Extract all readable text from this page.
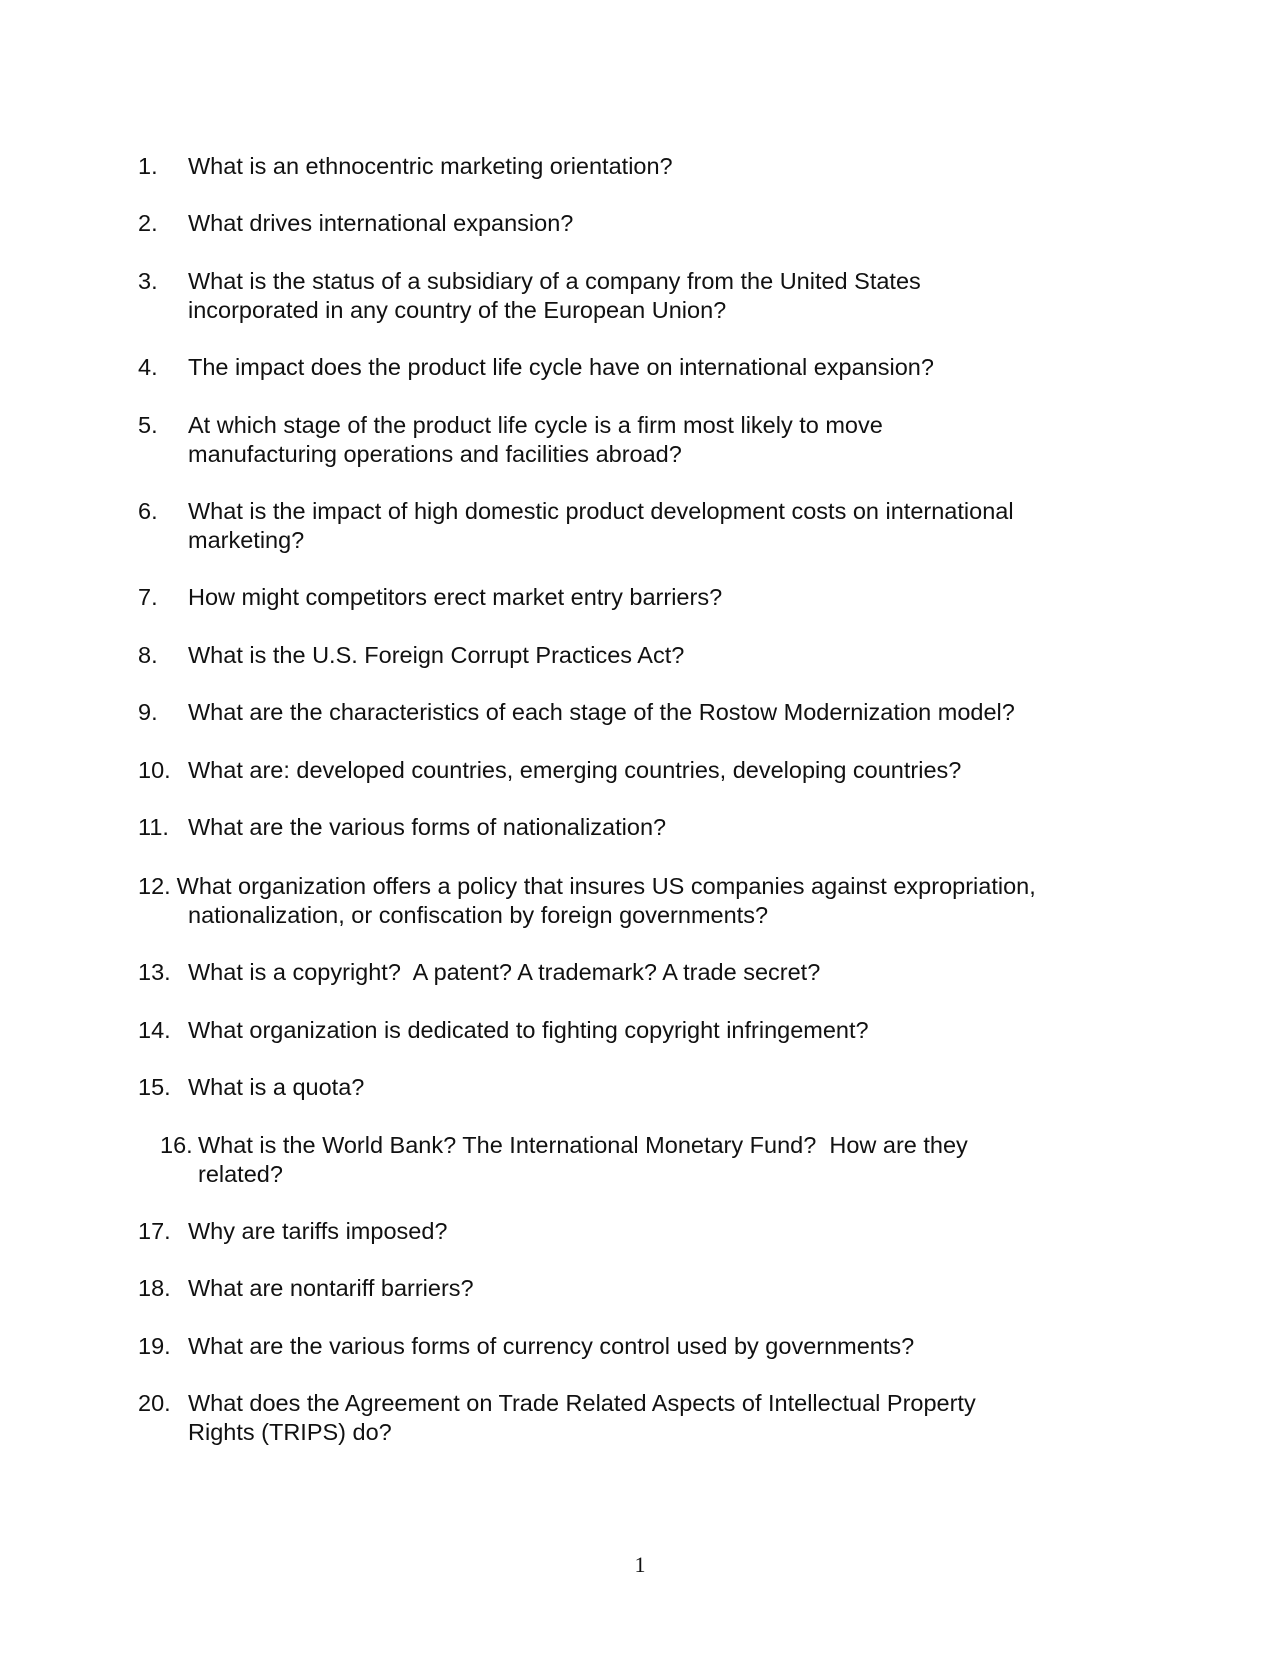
1. What is an ethnocentric marketing orientation?
2. What drives international expansion?
3. What is the status of a subsidiary of a company from the United States incorporated in any country of the European Union?
4. The impact does the product life cycle have on international expansion?
5. At which stage of the product life cycle is a firm most likely to move manufacturing operations and facilities abroad?
6. What is the impact of high domestic product development costs on international marketing?
7. How might competitors erect market entry barriers?
8. What is the U.S. Foreign Corrupt Practices Act?
9. What are the characteristics of each stage of the Rostow Modernization model?
10. What are: developed countries, emerging countries, developing countries?
11. What are the various forms of nationalization?
12. What organization offers a policy that insures US companies against expropriation, nationalization, or confiscation by foreign governments?
13. What is a copyright?  A patent? A trademark? A trade secret?
14. What organization is dedicated to fighting copyright infringement?
15. What is a quota?
16. What is the World Bank? The International Monetary Fund?  How are they related?
17. Why are tariffs imposed?
18. What are nontariff barriers?
19. What are the various forms of currency control used by governments?
20. What does the Agreement on Trade Related Aspects of Intellectual Property Rights (TRIPS) do?
1
